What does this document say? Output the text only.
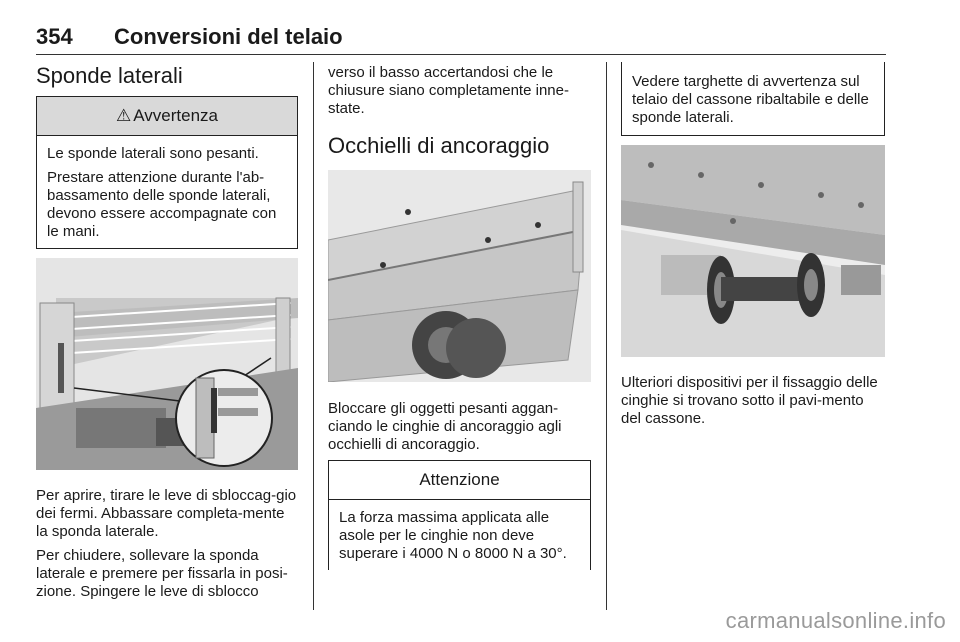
354 Conversioni del telaio
Sponde laterali
⚠ Avvertenza

Le sponde laterali sono pesanti.

Prestare attenzione durante l'ab-bassamento delle sponde laterali, devono essere accompagnate con le mani.

Per aprire, tirare le leve di sbloccag-gio dei fermi. Abbassare completa-mente la sponda laterale.

Per chiudere, sollevare la sponda laterale e premere per fissarla in posi-zione. Spingere le leve di sblocco

verso il basso accertandosi che le chiusure siano completamente inne-state.

Occhielli di ancoraggio

Bloccare gli oggetti pesanti aggan-ciando le cinghie di ancoraggio agli occhielli di ancoraggio.

Attenzione

La forza massima applicata alle asole per le cinghie non deve superare i 4000 N o 8000 N a 30°.

Vedere targhette di avvertenza sul telaio del cassone ribaltabile e delle sponde laterali.

Ulteriori dispositivi per il fissaggio delle cinghie si trovano sotto il pavi-mento del cassone.

carmanualsonline.info
